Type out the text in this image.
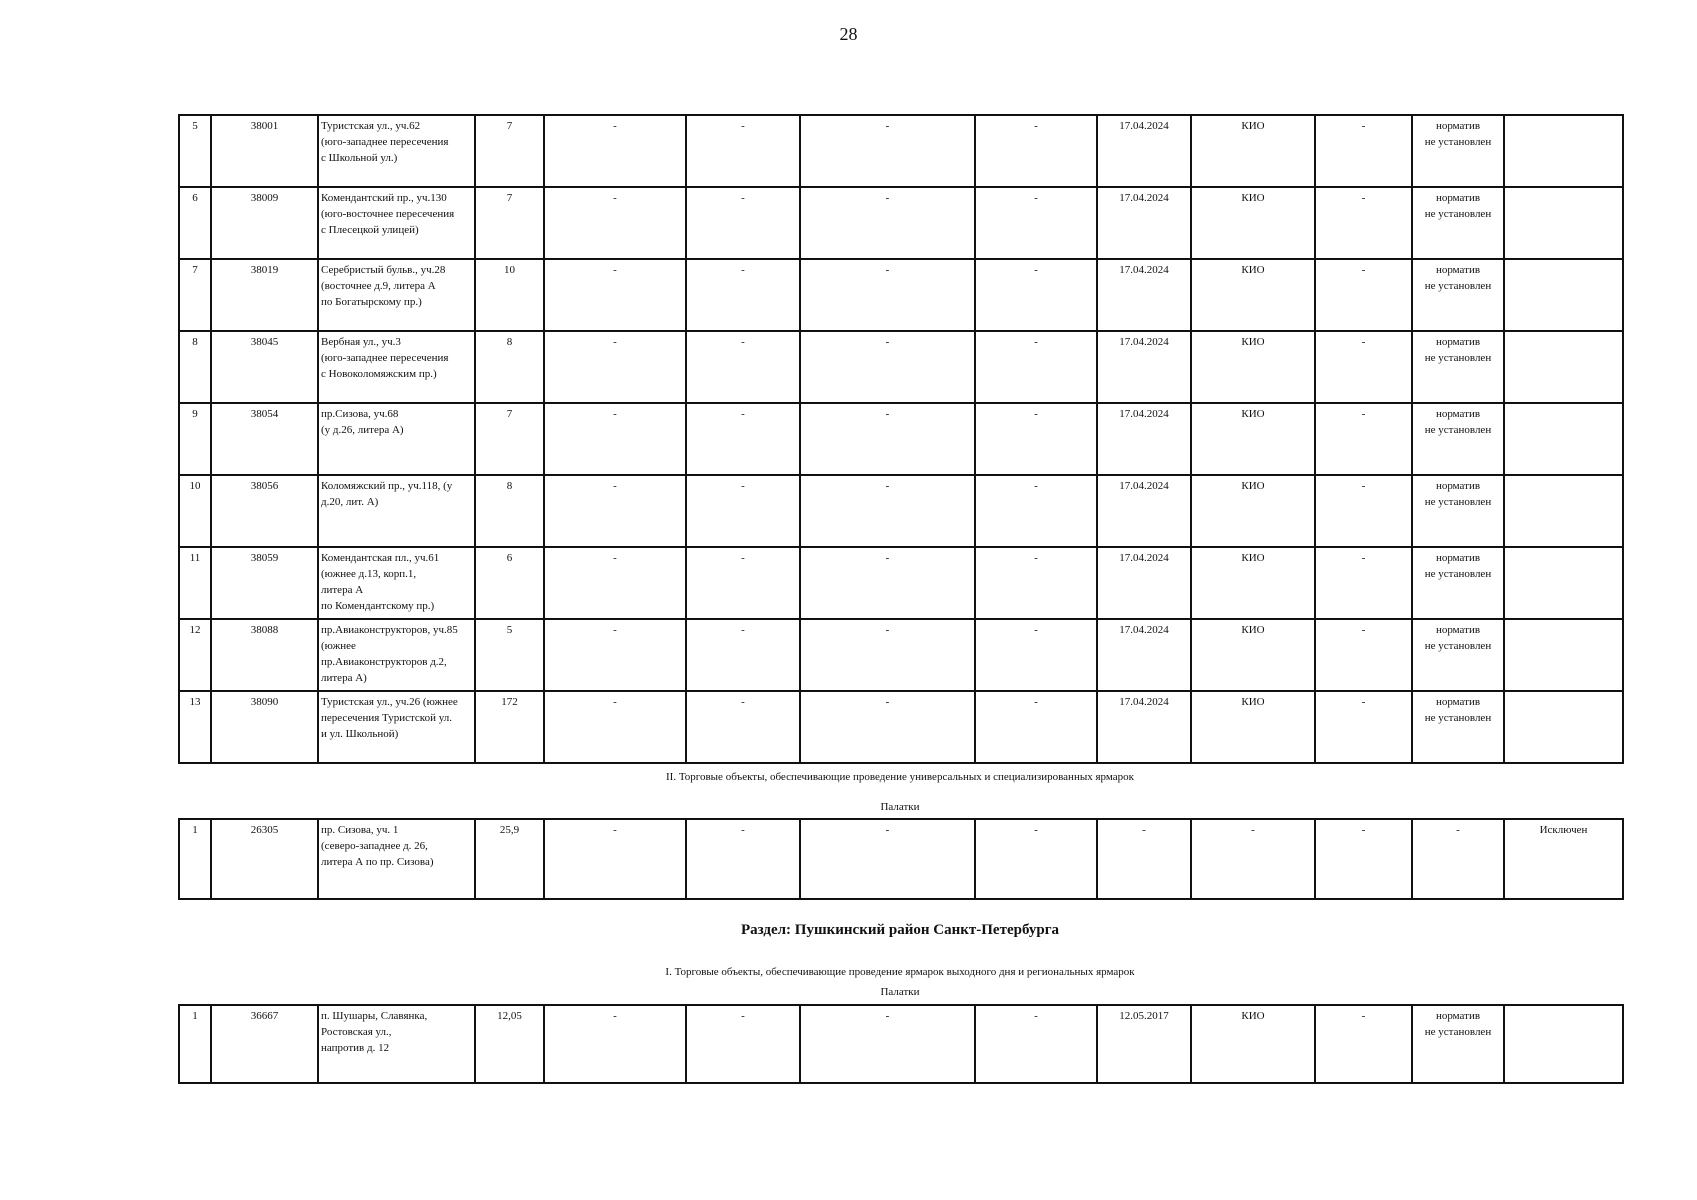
28
5	38001	Туристская ул., уч.62
(юго-западнее пересечения
с Школьной ул.)	7	-	-	-	-	17.04.2024	КИО	-	норматив
не установлен	
6	38009	Комендантский пр., уч.130
(юго-восточнее пересечения
с Плесецкой улицей)	7	-	-	-	-	17.04.2024	КИО	-	норматив
не установлен	
7	38019	Серебристый бульв., уч.28
(восточнее д.9, литера А
по Богатырскому пр.)	10	-	-	-	-	17.04.2024	КИО	-	норматив
не установлен	
8	38045	Вербная ул., уч.3
(юго-западнее пересечения
с Новоколомяжским пр.)	8	-	-	-	-	17.04.2024	КИО	-	норматив
не установлен	
9	38054	пр.Сизова, уч.68
(у д.26, литера А)	7	-	-	-	-	17.04.2024	КИО	-	норматив
не установлен	
10	38056	Коломяжский пр., уч.118, (у
д.20, лит. А)	8	-	-	-	-	17.04.2024	КИО	-	норматив
не установлен	
11	38059	Комендантская пл., уч.61
(южнее д.13, корп.1,
литера А
по Комендантскому пр.)	6	-	-	-	-	17.04.2024	КИО	-	норматив
не установлен	
12	38088	пр.Авиаконструкторов, уч.85
(южнее
пр.Авиаконструкторов д.2,
литера А)	5	-	-	-	-	17.04.2024	КИО	-	норматив
не установлен	
13	38090	Туристская ул., уч.26 (южнее
пересечения Туристской ул.
и ул. Школьной)	172	-	-	-	-	17.04.2024	КИО	-	норматив
не установлен	
II. Торговые объекты, обеспечивающие проведение универсальных и специализированных ярмарок
Палатки
1	26305	пр. Сизова, уч. 1
(северо-западнее д. 26,
литера А по пр. Сизова)	25,9	-	-	-	-	-	-	-	-	Исключен
Раздел: Пушкинский район Санкт-Петербурга
I. Торговые объекты, обеспечивающие проведение ярмарок выходного дня и региональных ярмарок
Палатки
1	36667	п. Шушары, Славянка,
Ростовская ул.,
напротив д. 12	12,05	-	-	-	-	12.05.2017	КИО	-	норматив
не установлен	
